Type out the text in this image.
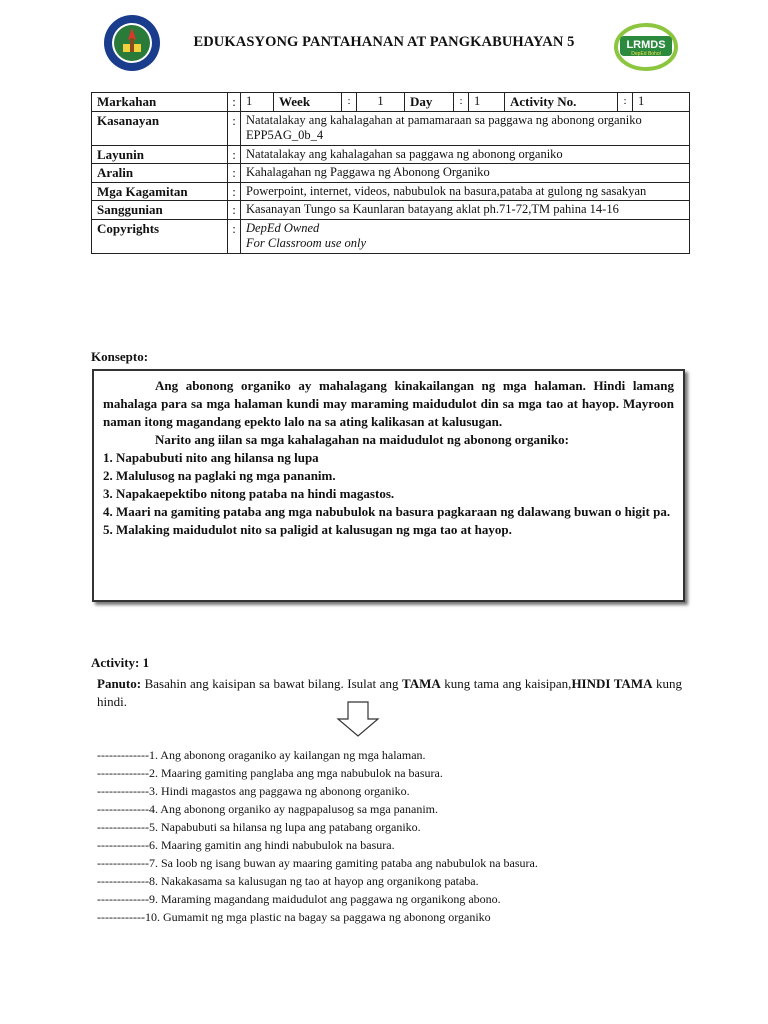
EDUKASYONG PANTAHANAN AT PANGKABUHAYAN 5	LRMDS
DepEd Bohol
Markahan	:	1	Week	:	1	Day	:	1	Activity No.	:	1

Kasanayan	:	Natatalakay ang kahalagahan at pamamaraan sa paggawa ng abonong organiko
EPP5AG_0b_4

Layunin	:	Natatalakay ang kahalagahan sa paggawa ng abonong organiko
Aralin	:	Kahalagahan ng Paggawa ng Abonong Organiko
Mga Kagamitan	:	Powerpoint, internet, videos, nabubulok na basura,pataba at gulong ng sasakyan
Sanggunian	:	Kasanayan Tungo sa Kaunlaran batayang aklat ph.71-72,TM pahina 14-16
Copyrights	:	DepEd Owned
For Classroom use only
Konsepto:

Ang abonong organiko ay mahalagang kinakailangan ng mga halaman. Hindi lamang mahalaga para sa mga halaman kundi may maraming maidudulot din sa mga tao at hayop. Mayroon naman itong magandang epekto lalo na sa ating kalikasan at kalusugan.

Narito ang iilan sa mga kahalagahan na maidudulot ng abonong organiko:

1. Napabubuti nito ang hilansa ng lupa

2. Malulusog na paglaki ng mga pananim.

3. Napakaepektibo nitong pataba na hindi magastos.

4. Maari na gamiting pataba ang mga nabubulok na basura pagkaraan ng dalawang buwan o higit pa.

5. Malaking maidudulot nito sa paligid at kalusugan ng mga tao at hayop.

Activity: 1
Panuto: Basahin ang kaisipan sa bawat bilang. Isulat ang TAMA kung tama ang kaisipan,HINDI TAMA kung hindi.
-------------1. Ang abonong oraganiko ay kailangan ng mga halaman.
-------------2. Maaring gamiting panglaba ang mga nabubulok na basura.
-------------3. Hindi magastos ang paggawa ng abonong organiko.
-------------4. Ang abonong organiko ay nagpapalusog sa mga pananim.
-------------5. Napabubuti sa hilansa ng lupa ang patabang organiko.
-------------6. Maaring gamitin ang hindi nabubulok na basura.
-------------7. Sa loob ng isang buwan ay maaring gamiting pataba ang nabubulok na basura.
-------------8. Nakakasama sa kalusugan ng tao at hayop ang organikong pataba.
-------------9. Maraming magandang maidudulot ang paggawa ng organikong abono.
------------10. Gumamit ng mga plastic na bagay sa paggawa ng abonong organiko
